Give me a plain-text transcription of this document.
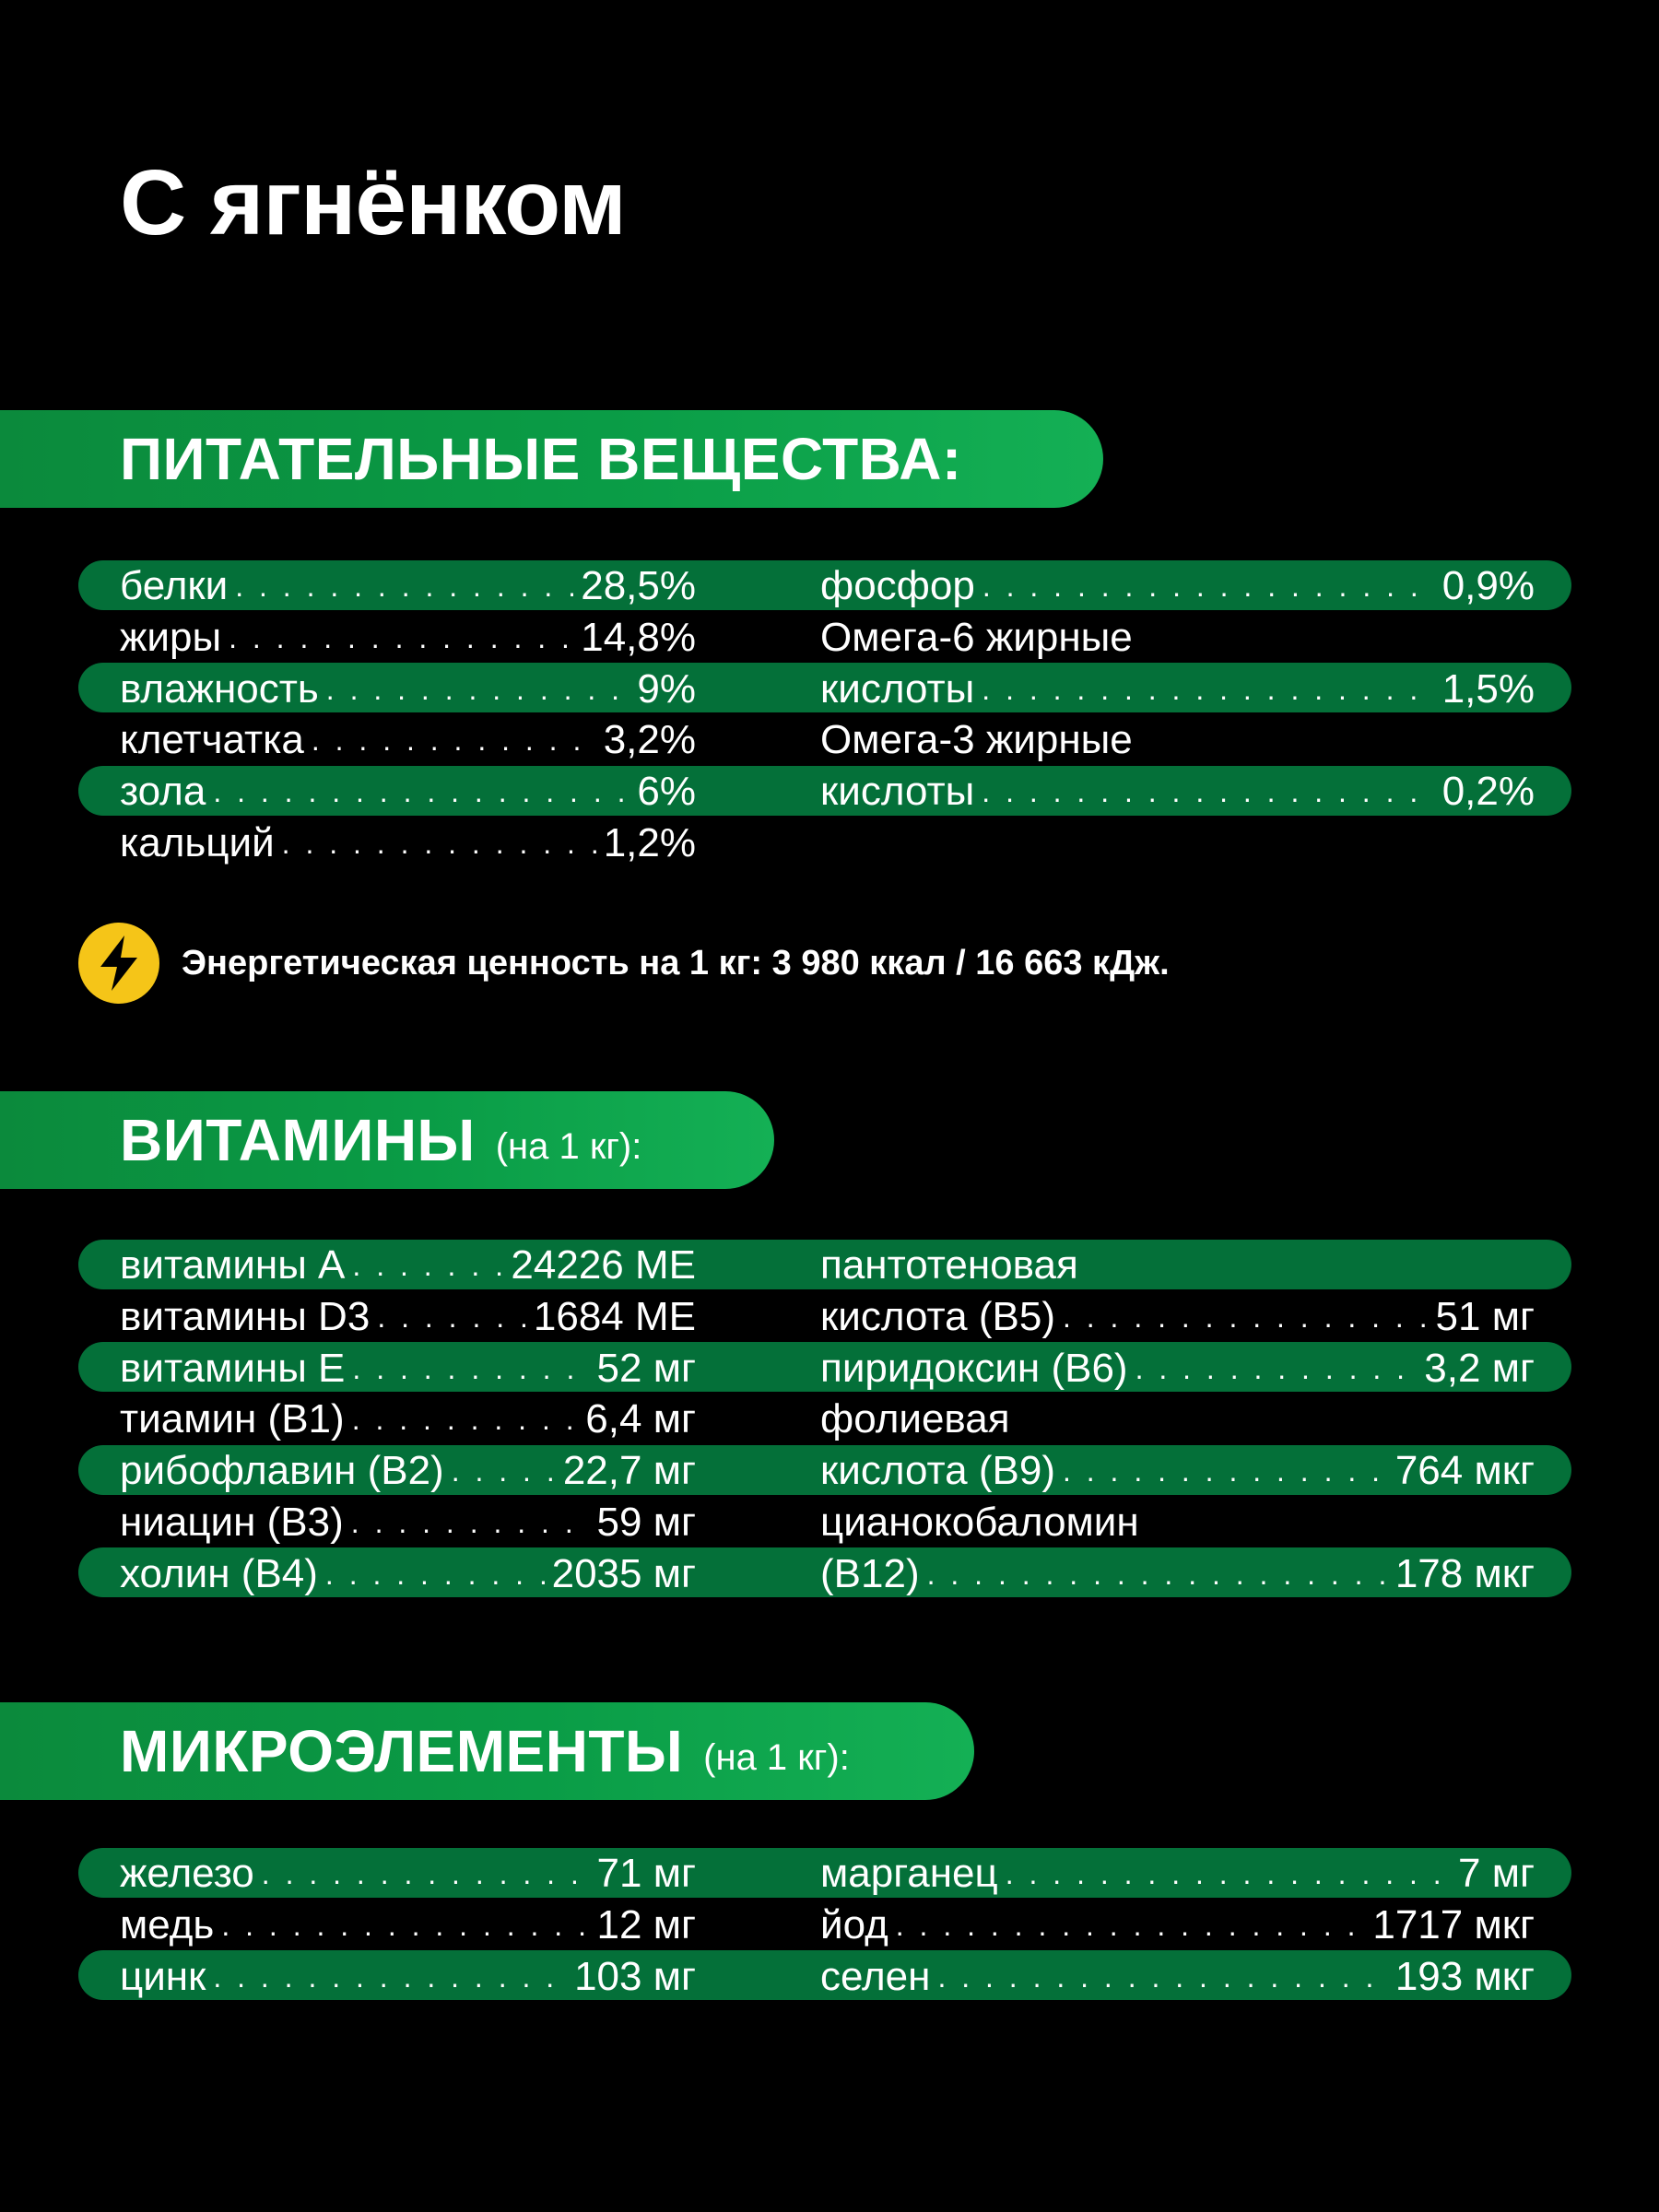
С ягнёнком
ПИТАТЕЛЬНЫЕ ВЕЩЕСТВА:
белки . . .	28,5%
жиры . . .	14,8%
влажность . . .	9%
клетчатка . . .	3,2%
зола . . .	6%
кальций . . .	1,2%
фосфор . . .	0,9%
Омега-6 жирные
кислоты . . .	1,5%
Омега-3 жирные
кислоты . . .	0,2%
Энергетическая ценность на 1 кг: 3 980 ккал / 16 663 кДж.
ВИТАМИНЫ (на 1 кг):
витамины А . . .	24226 МЕ
витамины D3 . . .	1684 МЕ
витамины Е . . .	52 мг
тиамин (В1) . . .	6,4 мг
рибофлавин (В2) . . .	22,7 мг
ниацин (В3) . . .	59 мг
холин (В4) . . .	2035 мг
пантотеновая
кислота (В5) . . .	51 мг
пиридоксин (В6) . . .	3,2 мг
фолиевая
кислота (В9) . . .	764 мкг
цианокобаломин
(В12) . . .	178 мкг
МИКРОЭЛЕМЕНТЫ (на 1 кг):
железо . . .	71 мг
медь . . .	12 мг
цинк . . .	103 мг
марганец . . .	7 мг
йод . . .	1717 мкг
селен . . .	193 мкг
